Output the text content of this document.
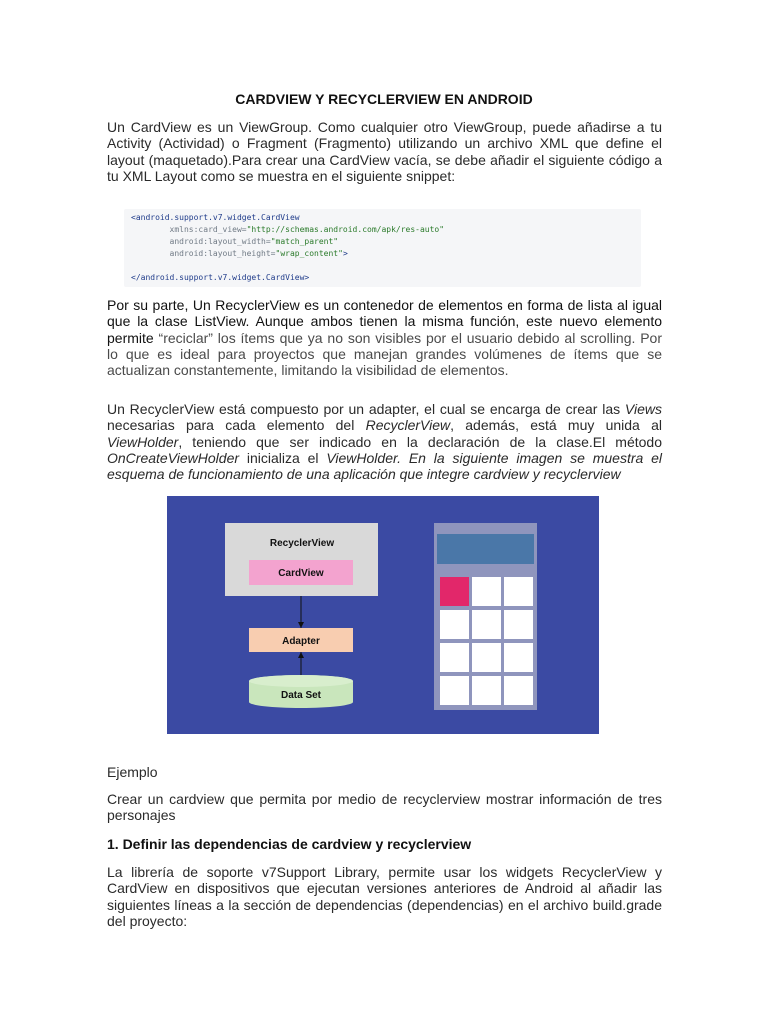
CARDVIEW Y RECYCLERVIEW EN ANDROID

Un CardView es un ViewGroup. Como cualquier otro ViewGroup, puede añadirse a tu Activity (Actividad) o Fragment (Fragmento) utilizando un archivo XML que define el layout (maquetado).Para crear una CardView vacía, se debe añadir el siguiente código a tu XML Layout como se muestra en el siguiente snippet:

<android.support.v7.widget.CardView
xmlns:card_view="http://schemas.android.com/apk/res-auto"
android:layout_width="match_parent"
android:layout_height="wrap_content">

</android.support.v7.widget.CardView>

Por su parte, Un RecyclerView es un contenedor de elementos en forma de lista al igual que la clase ListView. Aunque ambos tienen la misma función, este nuevo elemento permite “reciclar” los ítems que ya no son visibles por el usuario debido al scrolling. Por lo que es ideal para proyectos que manejan grandes volúmenes de ítems que se actualizan constantemente, limitando la visibilidad de elementos.

Un RecyclerView está compuesto por un adapter, el cual se encarga de crear las Views necesarias para cada elemento del RecyclerView, además, está muy unida al ViewHolder, teniendo que ser indicado en la declaración de la clase.El método OnCreateViewHolder inicializa el ViewHolder. En la siguiente imagen se muestra el esquema de funcionamiento de una aplicación que integre cardview y recyclerview

RecyclerView
CardView
Adapter
Data Set

Ejemplo

Crear un cardview que permita por medio de recyclerview mostrar información de tres personajes

1. Definir las dependencias de cardview y recyclerview

La librería de soporte v7Support Library, permite usar los widgets RecyclerView y CardView en dispositivos que ejecutan versiones anteriores de Android al añadir las siguientes líneas a la sección de dependencias (dependencias) en el archivo build.grade del proyecto:
